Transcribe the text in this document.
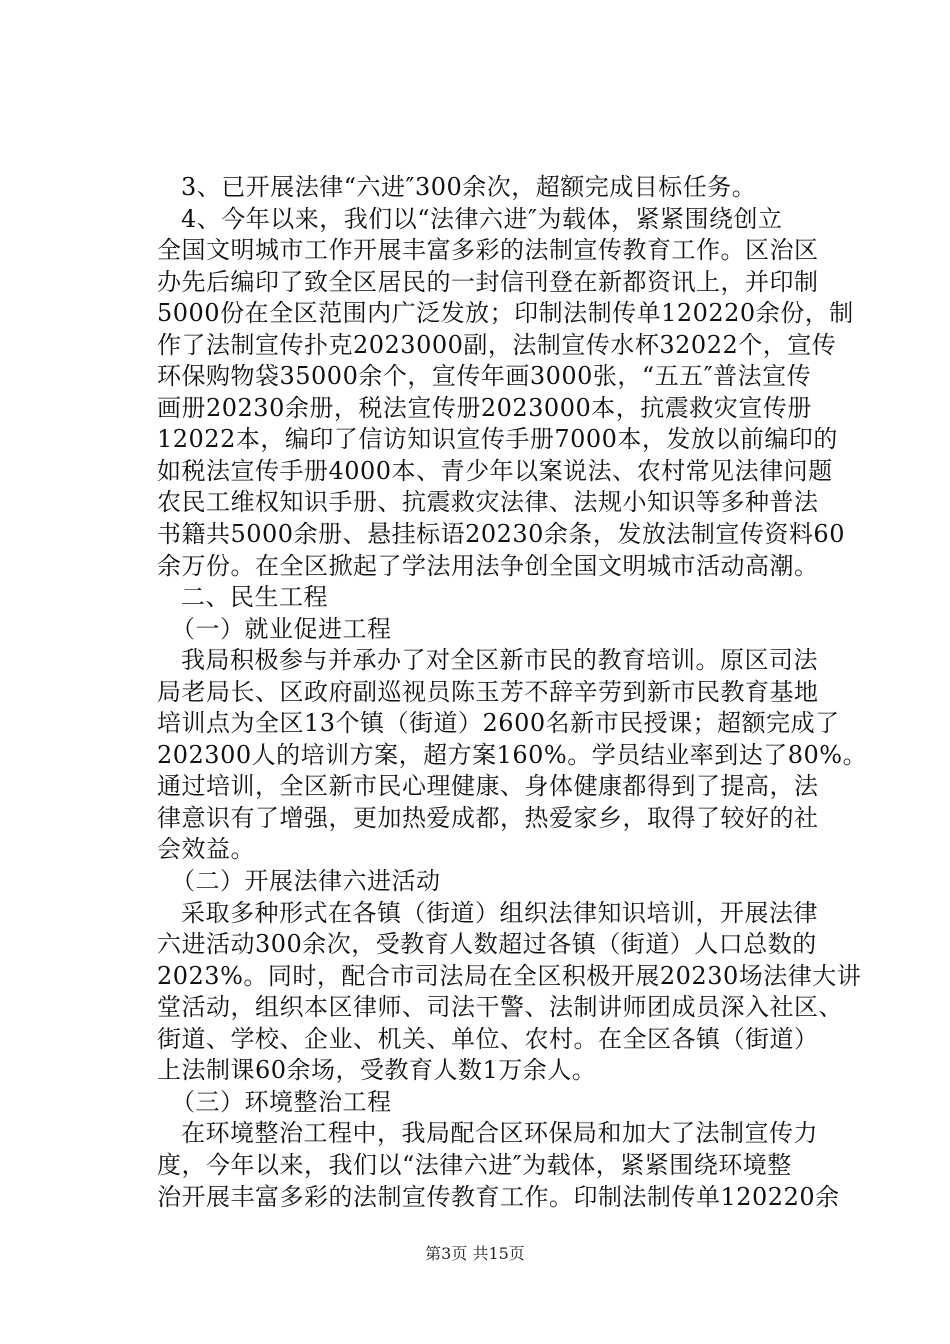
3、已开展法律“六进″300余次，超额完成目标任务。
4、今年以来，我们以“法律六进″为载体，紧紧围绕创立
全国文明城市工作开展丰富多彩的法制宣传教育工作。区治区
办先后编印了致全区居民的一封信刊登在新都资讯上，并印制
5000份在全区范围内广泛发放；印制法制传单120220余份，制
作了法制宣传扑克2023000副，法制宣传水杯32022个，宣传
环保购物袋35000余个，宣传年画3000张，“五五″普法宣传
画册20230余册，税法宣传册2023000本，抗震救灾宣传册
12022本，编印了信访知识宣传手册7000本，发放以前编印的
如税法宣传手册4000本、青少年以案说法、农村常见法律问题
农民工维权知识手册、抗震救灾法律、法规小知识等多种普法
书籍共5000余册、悬挂标语20230余条，发放法制宣传资料60
余万份。在全区掀起了学法用法争创全国文明城市活动高潮。
二、民生工程
（一）就业促进工程
我局积极参与并承办了对全区新市民的教育培训。原区司法
局老局长、区政府副巡视员陈玉芳不辞辛劳到新市民教育基地
培训点为全区13个镇（街道）2600名新市民授课；超额完成了
202300人的培训方案，超方案160%。学员结业率到达了80%。
通过培训，全区新市民心理健康、身体健康都得到了提高，法
律意识有了增强，更加热爱成都，热爱家乡，取得了较好的社
会效益。
（二）开展法律六进活动
采取多种形式在各镇（街道）组织法律知识培训，开展法律
六进活动300余次，受教育人数超过各镇（街道）人口总数的
2023%。同时，配合市司法局在全区积极开展20230场法律大讲
堂活动，组织本区律师、司法干警、法制讲师团成员深入社区、
街道、学校、企业、机关、单位、农村。在全区各镇（街道）
上法制课60余场，受教育人数1万余人。
（三）环境整治工程
在环境整治工程中，我局配合区环保局和加大了法制宣传力
度，今年以来，我们以“法律六进″为载体，紧紧围绕环境整
治开展丰富多彩的法制宣传教育工作。印制法制传单120220余
第3页 共15页
